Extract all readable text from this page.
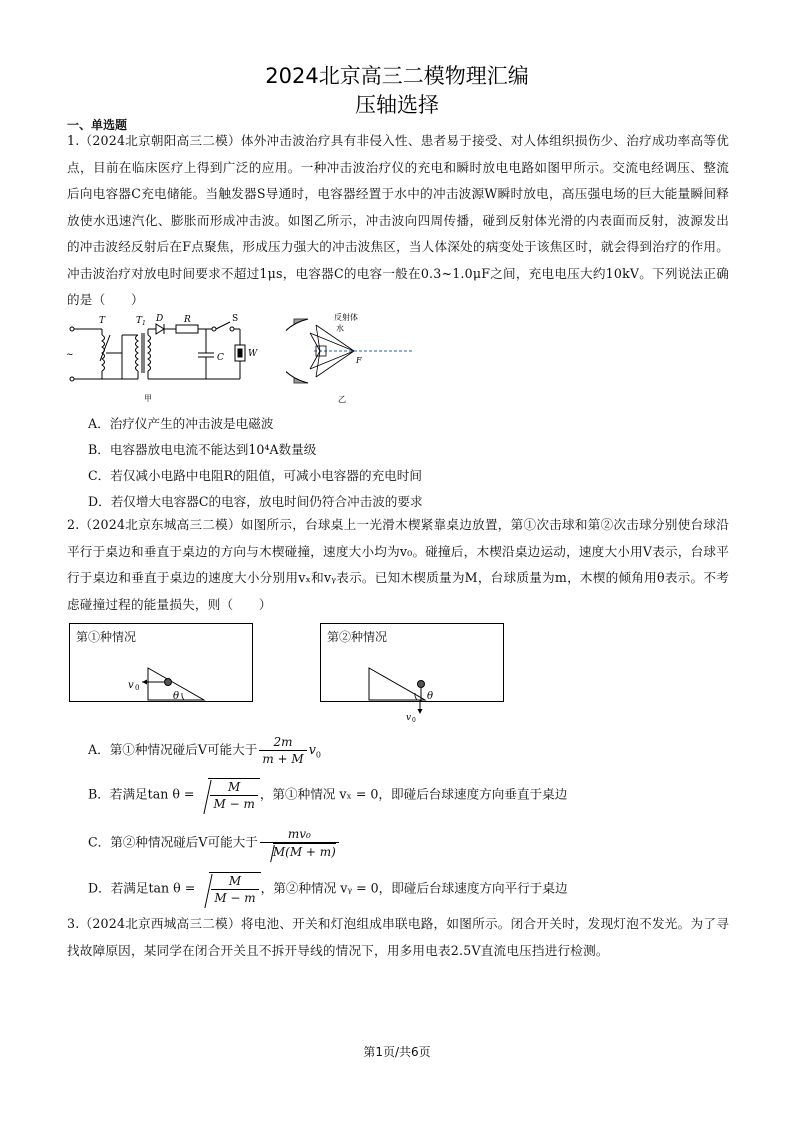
2024北京高三二模物理汇编
压轴选择
一、单选题
1.（2024北京朝阳高三二模）体外冲击波治疗具有非侵入性、患者易于接受、对人体组织损伤少、治疗成功率高等优点，目前在临床医疗上得到广泛的应用。一种冲击波治疗仪的充电和瞬时放电电路如图甲所示。交流电经调压、整流后向电容器C充电储能。当触发器S导通时，电容器经置于水中的冲击波源W瞬时放电，高压强电场的巨大能量瞬间释放使水迅速汽化、膨胀而形成冲击波。如图乙所示，冲击波向四周传播，碰到反射体光滑的内表面而反射，波源发出的冲击波经反射后在F点聚焦，形成压力强大的冲击波焦区，当人体深处的病变处于该焦区时，就会得到治疗的作用。冲击波治疗对放电时间要求不超过1μs，电容器C的电容一般在0.3~1.0μF之间，充电电压大约10kV。下列说法正确的是（　　）
T	T 1 D R	S
C	W
~
甲
反射体
水
F
乙
A．治疗仪产生的冲击波是电磁波
B．电容器放电电流不能达到10⁴A数量级
C．若仅减小电路中电阻R的阻值，可减小电容器的充电时间
D．若仅增大电容器C的电容，放电时间仍符合冲击波的要求
2.（2024北京东城高三二模）如图所示，台球桌上一光滑木楔紧靠桌边放置，第①次击球和第②次击球分别使台球沿平行于桌边和垂直于桌边的方向与木楔碰撞，速度大小均为v₀。碰撞后，木楔沿桌边运动，速度大小用V表示，台球平行于桌边和垂直于桌边的速度大小分别用vₓ和vᵧ表示。已知木楔质量为M，台球质量为m，木楔的倾角用θ表示。不考虑碰撞过程的能量损失，则（　　）
第①种情况
v 0
θ
第②种情况
θ
v 0
A．第①种情况碰后V可能大于 $\frac{2m}{m + M} v_0$
B．若满足$\tan \theta = \frac{M}{M - m}$ ，第①种情况 vₓ = 0，即碰后台球速度方向垂直于桌边
C．第②种情况碰后V可能大于 $\frac{\text{mv₀}}{M(M + m)}$
D．若满足$\tan \theta = \frac{M}{M - m}$ ，第②种情况 vᵧ = 0，即碰后台球速度方向平行于桌边
3.（2024北京西城高三二模）将电池、开关和灯泡组成串联电路，如图所示。闭合开关时，发现灯泡不发光。为了寻找故障原因，某同学在闭合开关且不拆开导线的情况下，用多用电表2.5V直流电压挡进行检测。
第1页/共6页
